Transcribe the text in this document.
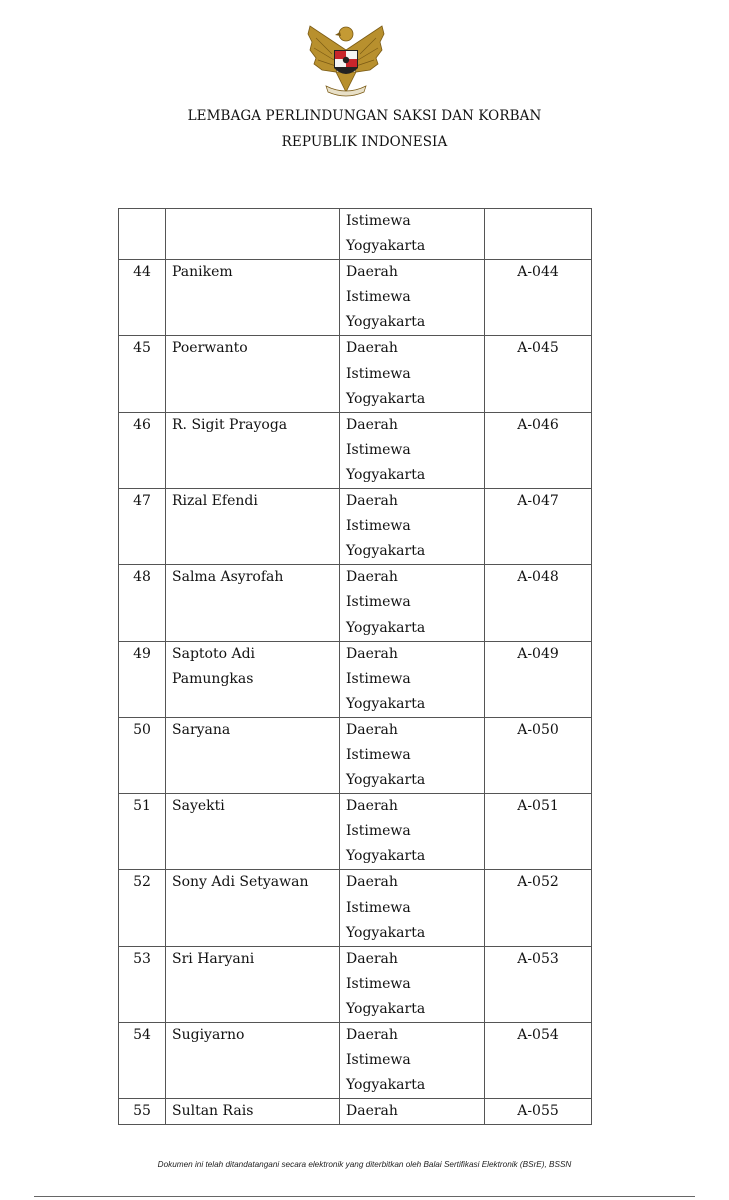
LEMBAGA PERLINDUNGAN SAKSI DAN KORBAN
REPUBLIK INDONESIA

		Istimewa
Yogyakarta	

44	Panikem	Daerah
Istimewa
Yogyakarta	A-044

45	Poerwanto	Daerah
Istimewa
Yogyakarta	A-045

46	R. Sigit Prayoga	Daerah
Istimewa
Yogyakarta	A-046

47	Rizal Efendi	Daerah
Istimewa
Yogyakarta	A-047

48	Salma Asyrofah	Daerah
Istimewa
Yogyakarta	A-048

49	Saptoto Adi
Pamungkas	Daerah
Istimewa
Yogyakarta	A-049

50	Saryana	Daerah
Istimewa
Yogyakarta	A-050

51	Sayekti	Daerah
Istimewa
Yogyakarta	A-051

52	Sony Adi Setyawan	Daerah
Istimewa
Yogyakarta	A-052

53	Sri Haryani	Daerah
Istimewa
Yogyakarta	A-053

54	Sugiyarno	Daerah
Istimewa
Yogyakarta	A-054

55	Sultan Rais	Daerah	A-055
Dokumen ini telah ditandatangani secara elektronik yang diterbitkan oleh Balai Sertifikasi Elektronik (BSrE), BSSN
